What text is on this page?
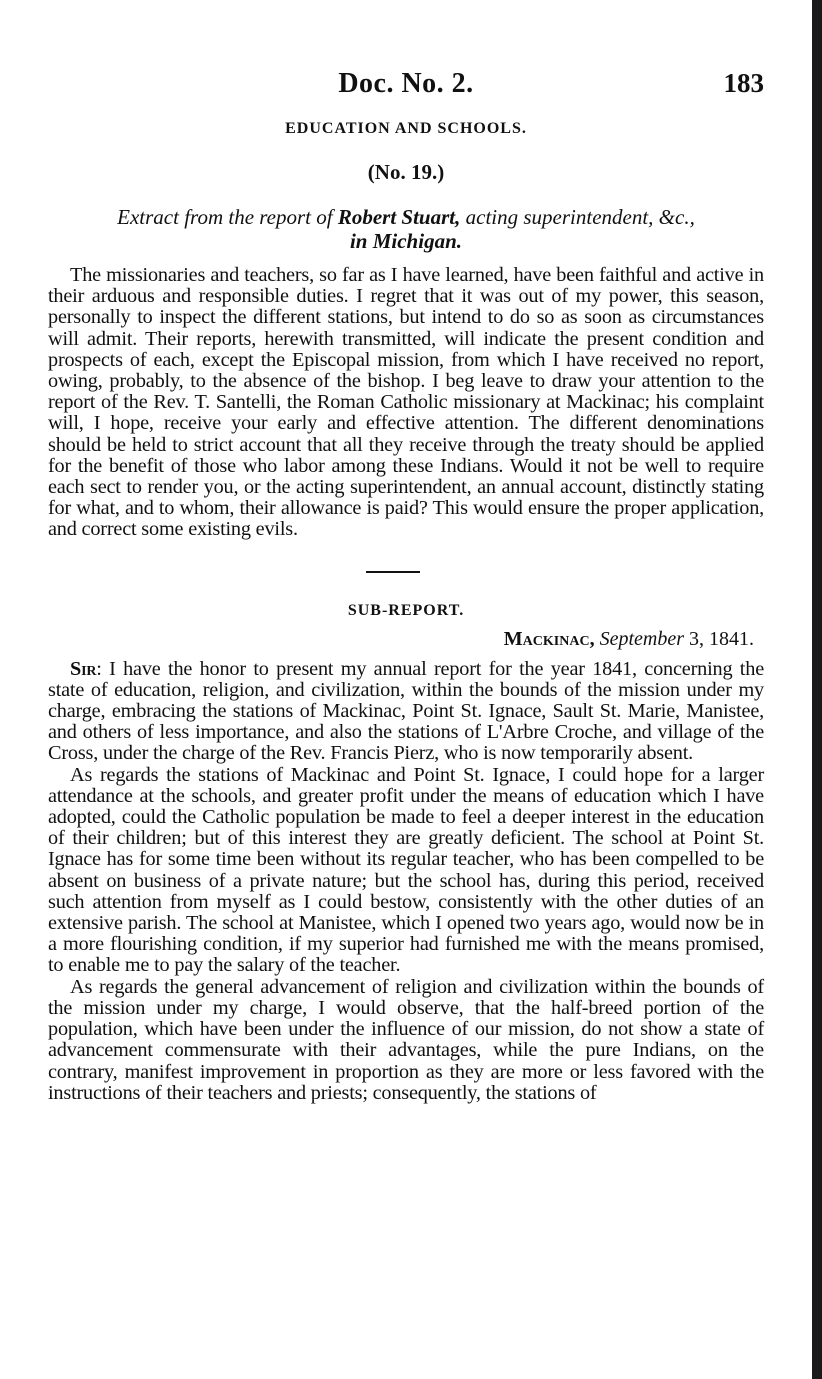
Doc. No. 2.	183
EDUCATION AND SCHOOLS.
(No. 19.)
Extract from the report of Robert Stuart, acting superintendent, &c.,
in Michigan.

The missionaries and teachers, so far as I have learned, have been faithful and active in their arduous and responsible duties. I regret that it was out of my power, this season, personally to inspect the different stations, but intend to do so as soon as circumstances will admit. Their reports, herewith transmitted, will indicate the present condition and prospects of each, except the Episcopal mission, from which I have received no report, owing, probably, to the absence of the bishop. I beg leave to draw your attention to the report of the Rev. T. Santelli, the Roman Catholic missionary at Mackinac; his complaint will, I hope, receive your early and effective attention. The different denominations should be held to strict account that all they receive through the treaty should be applied for the benefit of those who labor among these Indians. Would it not be well to require each sect to render you, or the acting superintendent, an annual account, distinctly stating for what, and to whom, their allowance is paid? This would ensure the proper application, and correct some existing evils.

SUB-REPORT.
Mackinac, September 3, 1841.

Sir: I have the honor to present my annual report for the year 1841, concerning the state of education, religion, and civilization, within the bounds of the mission under my charge, embracing the stations of Mackinac, Point St. Ignace, Sault St. Marie, Manistee, and others of less importance, and also the stations of L'Arbre Croche, and village of the Cross, under the charge of the Rev. Francis Pierz, who is now temporarily absent.

As regards the stations of Mackinac and Point St. Ignace, I could hope for a larger attendance at the schools, and greater profit under the means of education which I have adopted, could the Catholic population be made to feel a deeper interest in the education of their children; but of this interest they are greatly deficient. The school at Point St. Ignace has for some time been without its regular teacher, who has been compelled to be absent on business of a private nature; but the school has, during this period, received such attention from myself as I could bestow, consistently with the other duties of an extensive parish. The school at Manistee, which I opened two years ago, would now be in a more flourishing condition, if my superior had furnished me with the means promised, to enable me to pay the salary of the teacher.

As regards the general advancement of religion and civilization within the bounds of the mission under my charge, I would observe, that the half-breed portion of the population, which have been under the influence of our mission, do not show a state of advancement commensurate with their advantages, while the pure Indians, on the contrary, manifest improvement in proportion as they are more or less favored with the instructions of their teachers and priests; consequently, the stations of
